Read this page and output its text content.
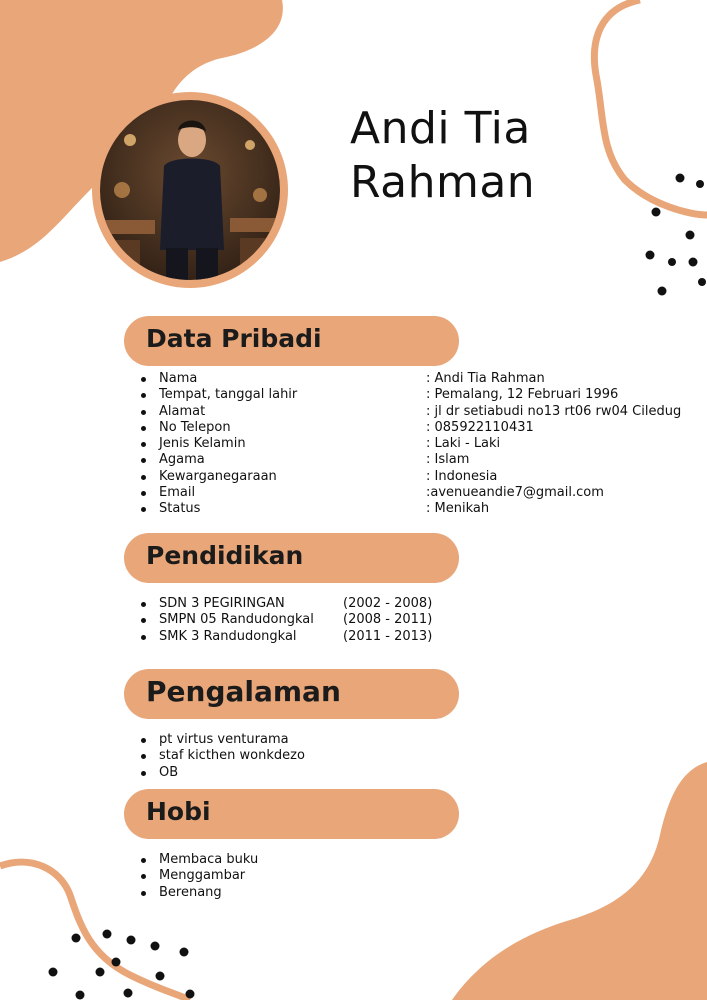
Andi Tia
Rahman
Data Pribadi
Nama
Tempat, tanggal lahir
Alamat
No Telepon
Jenis Kelamin
Agama
Kewarganegaraan
Email
Status
: Andi Tia Rahman
: Pemalang, 12 Februari 1996
: jl dr setiabudi no13 rt06 rw04 Ciledug
: 085922110431
: Laki - Laki
: Islam
: Indonesia
:avenueandie7@gmail.com
: Menikah
Pendidikan
SDN 3 PEGIRINGAN
SMPN 05 Randudongkal
SMK 3 Randudongkal
(2002 - 2008)
(2008 - 2011)
(2011 - 2013)
Pengalaman
pt virtus venturama
staf kicthen wonkdezo
OB
Hobi
Membaca buku
Menggambar
Berenang
